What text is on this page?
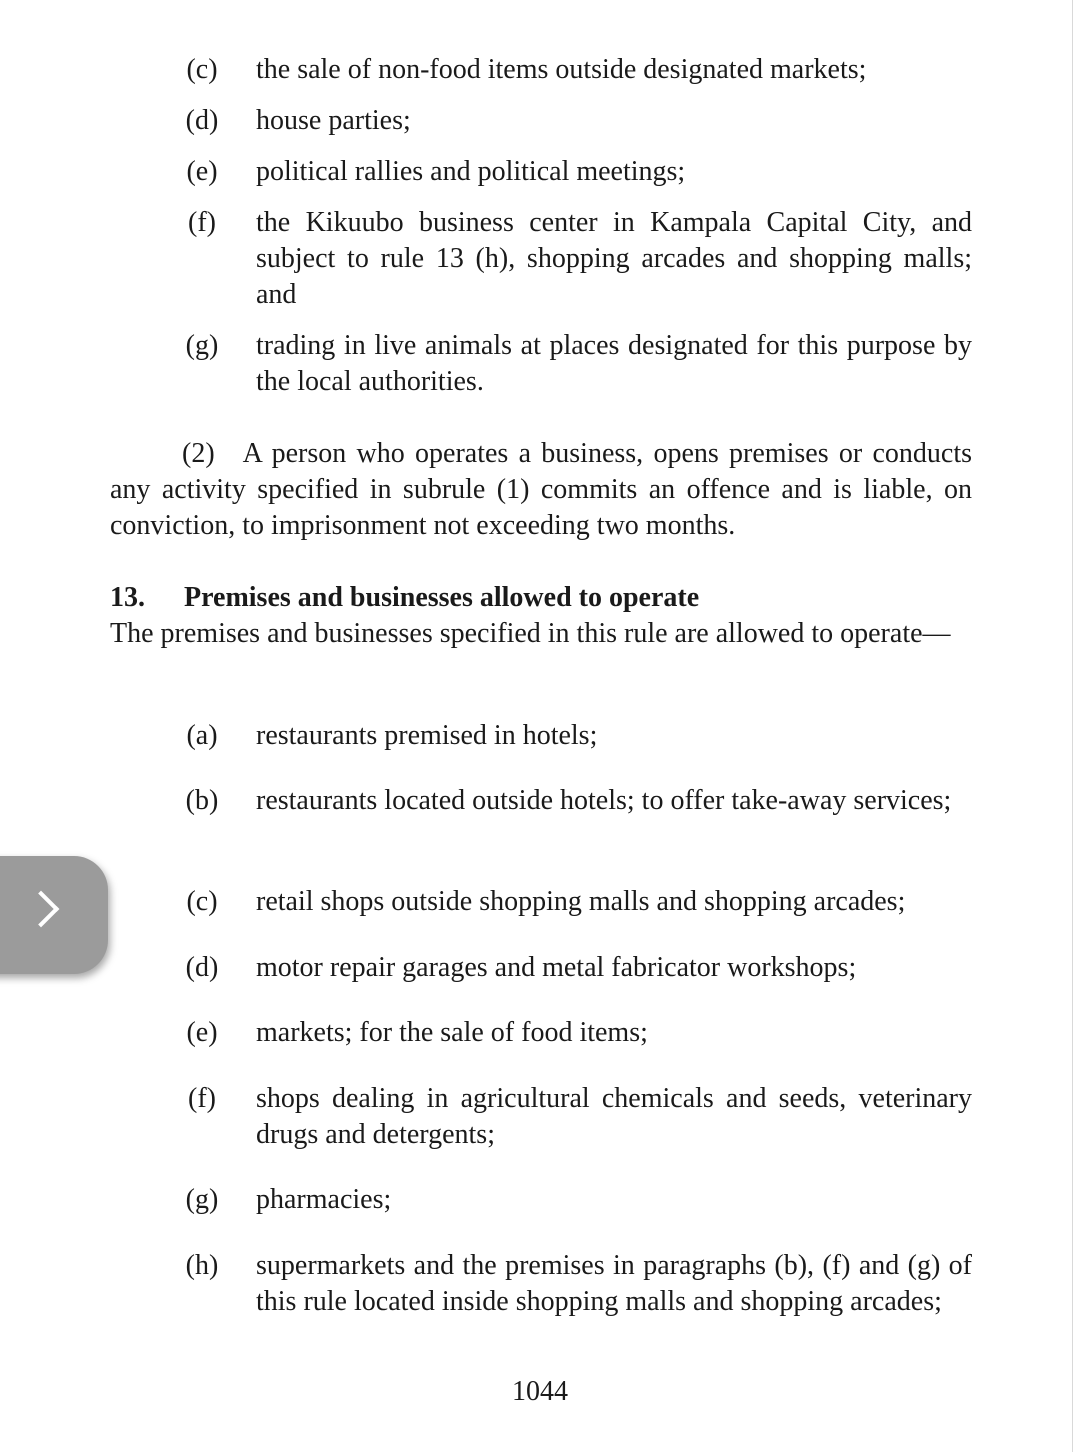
(c)	the sale of non-food items outside designated markets;
(d)	house parties;
(e)	political rallies and political meetings;
(f)	the Kikuubo business center in Kampala Capital City, and subject to rule 13 (h), shopping arcades and shopping malls; and
(g)	trading in live animals at places designated for this purpose by the local authorities.
(2) A person who operates a business, opens premises or conducts any activity specified in subrule (1) commits an offence and is liable, on conviction, to imprisonment not exceeding two months.
13. Premises and businesses allowed to operate
The premises and businesses specified in this rule are allowed to operate—
(a)	restaurants premised in hotels;
(b)	restaurants located outside hotels; to offer take-away services;
(c)	retail shops outside shopping malls and shopping arcades;
(d)	motor repair garages and metal fabricator workshops;
(e)	markets; for the sale of food items;
(f)	shops dealing in agricultural chemicals and seeds, veterinary drugs and detergents;
(g)	pharmacies;
(h)	supermarkets and the premises in paragraphs (b), (f) and (g) of this rule located inside shopping malls and shopping arcades;
1044
